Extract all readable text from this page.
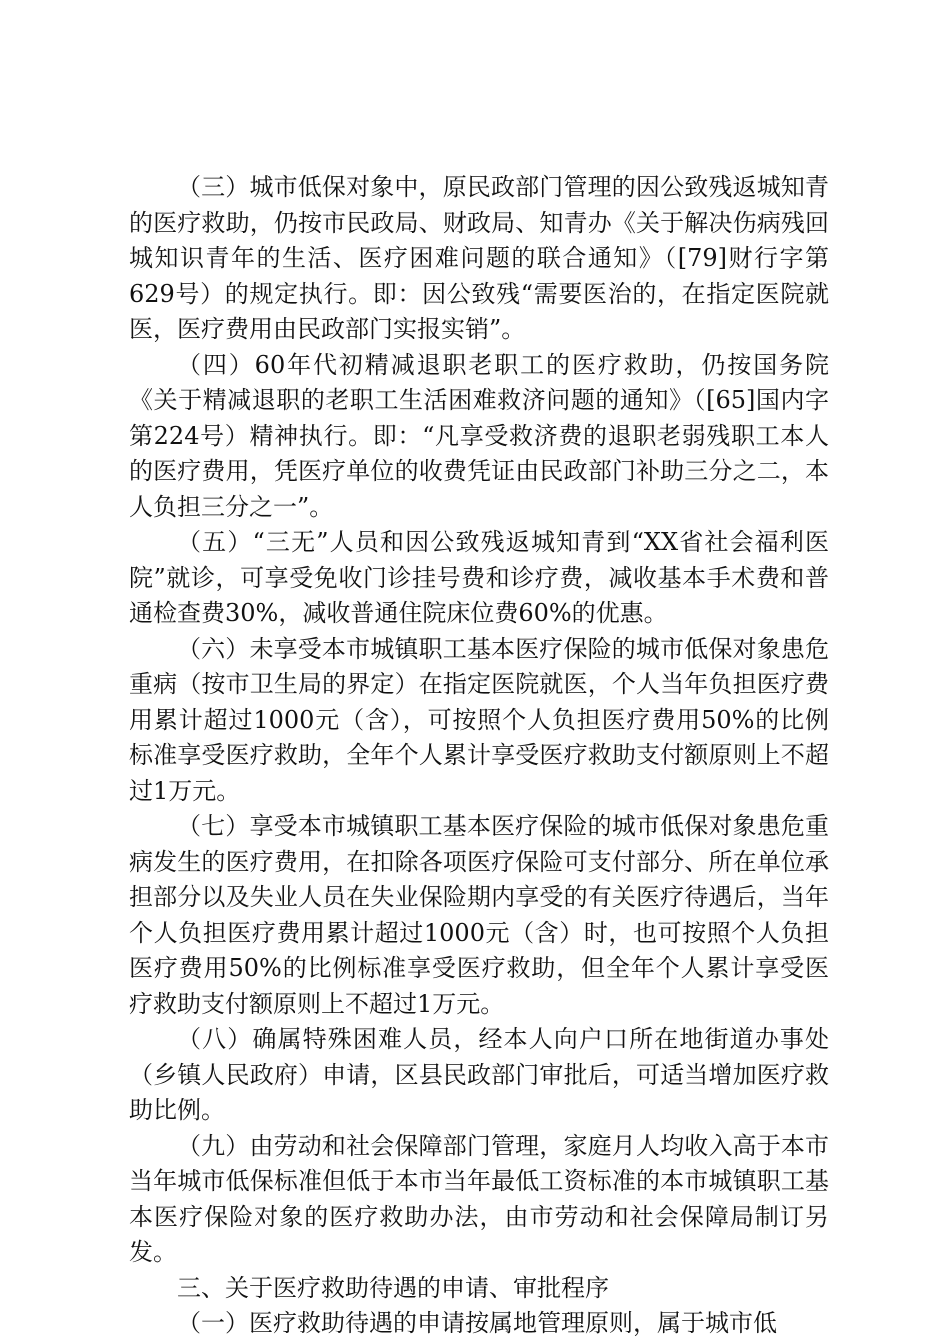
（三）城市低保对象中，原民政部门管理的因公致残返城知青的医疗救助，仍按市民政局、财政局、知青办《关于解决伤病残回城知识青年的生活、医疗困难问题的联合通知》（[79]财行字第629号）的规定执行。即：因公致残“需要医治的，在指定医院就医，医疗费用由民政部门实报实销”。

（四）60年代初精减退职老职工的医疗救助，仍按国务院《关于精减退职的老职工生活困难救济问题的通知》（[65]国内字第224号）精神执行。即：“凡享受救济费的退职老弱残职工本人的医疗费用，凭医疗单位的收费凭证由民政部门补助三分之二，本人负担三分之一”。

（五）“三无”人员和因公致残返城知青到“XX省社会福利医院”就诊，可享受免收门诊挂号费和诊疗费，减收基本手术费和普通检查费30%，减收普通住院床位费60%的优惠。

（六）未享受本市城镇职工基本医疗保险的城市低保对象患危重病（按市卫生局的界定）在指定医院就医，个人当年负担医疗费用累计超过1000元（含），可按照个人负担医疗费用50%的比例标准享受医疗救助，全年个人累计享受医疗救助支付额原则上不超过1万元。

（七）享受本市城镇职工基本医疗保险的城市低保对象患危重病发生的医疗费用，在扣除各项医疗保险可支付部分、所在单位承担部分以及失业人员在失业保险期内享受的有关医疗待遇后，当年个人负担医疗费用累计超过1000元（含）时，也可按照个人负担医疗费用50%的比例标准享受医疗救助，但全年个人累计享受医疗救助支付额原则上不超过1万元。

（八）确属特殊困难人员，经本人向户口所在地街道办事处（乡镇人民政府）申请，区县民政部门审批后，可适当增加医疗救助比例。

（九）由劳动和社会保障部门管理，家庭月人均收入高于本市当年城市低保标准但低于本市当年最低工资标准的本市城镇职工基本医疗保险对象的医疗救助办法，由市劳动和社会保障局制订另发。

三、关于医疗救助待遇的申请、审批程序

（一）医疗救助待遇的申请按属地管理原则，属于城市低
